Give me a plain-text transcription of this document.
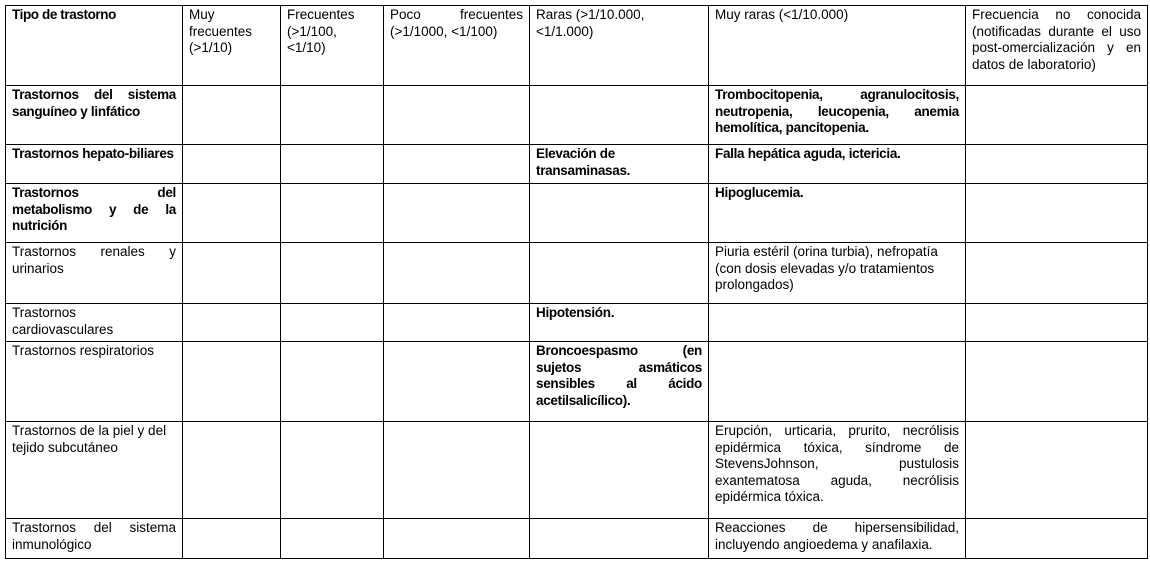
Tipo de trastorno	Muy frecuentes (>1/10)	Frecuentes (>1/100, <1/10)	Poco frecuentes (>1/1000, <1/100)	Raras (>1/10.000, <1/1.000)	Muy raras (<1/10.000)	Frecuencia no conocida (notificadas durante el uso post-omercialización y en datos de laboratorio)
Trastornos del sistema sanguíneo y linfático					Trombocitopenia, agranulocitosis, neutropenia, leucopenia, anemia hemolítica, pancitopenia.	
Trastornos hepato-biliares				Elevación de transaminasas.	Falla hepática aguda, ictericia.	
Trastornos del metabolismo y de la nutrición					Hipoglucemia.	
Trastornos renales y urinarios					Piuria estéril (orina turbia), nefropatía (con dosis elevadas y/o tratamientos prolongados)	
Trastornos cardiovasculares				Hipotensión.		
Trastornos respiratorios				Broncoespasmo (en sujetos asmáticos sensibles al ácido acetilsalicílico).		
Trastornos de la piel y del tejido subcutáneo					Erupción, urticaria, prurito, necrólisis epidérmica tóxica, síndrome de StevensJohnson, pustulosis exantematosa aguda, necrólisis epidérmica tóxica.	
Trastornos del sistema inmunológico					Reacciones de hipersensibilidad, incluyendo angioedema y anafilaxia.	
